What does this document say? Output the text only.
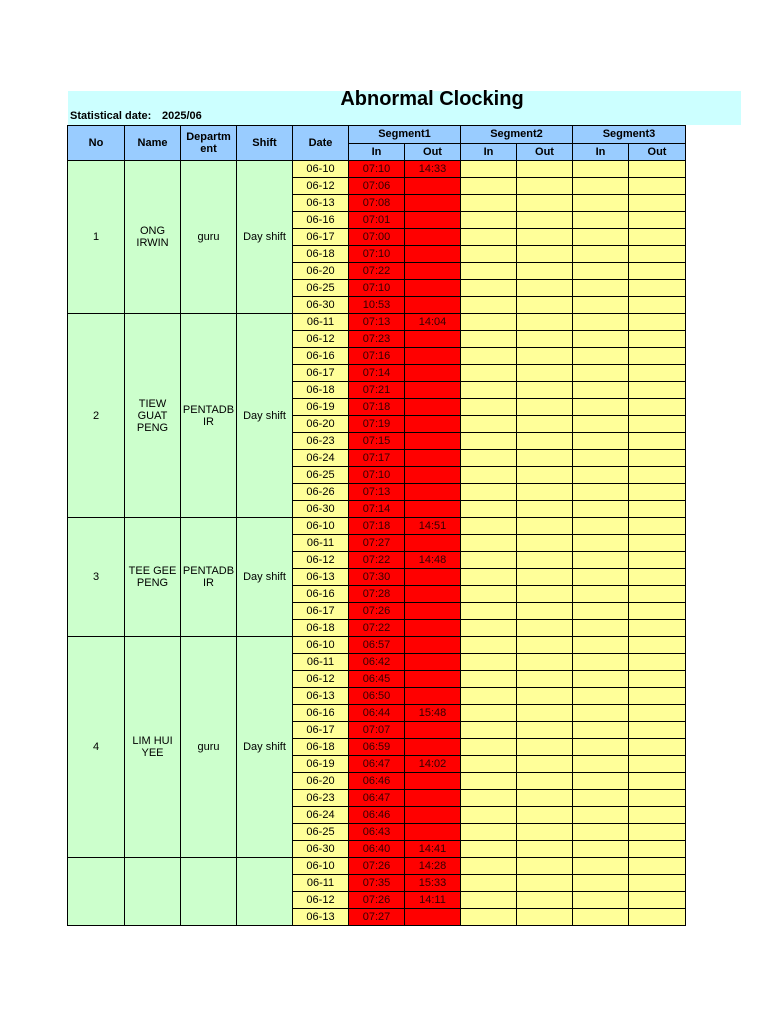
Abnormal Clocking
Statistical date: 2025/06
No	Name	Departm ent	Shift	Date	Segment1		Segment2		Segment3	
					In	Out	In	Out	In	Out
1	ONG IRWIN	guru	Day shift	06-10	07:10	14:33				
				06-12	07:06					
				06-13	07:08					
				06-16	07:01					
				06-17	07:00					
				06-18	07:10					
				06-20	07:22					
				06-25	07:10					
				06-30	10:53					
2	TIEW GUAT PENG	PENTADB IR	Day shift	06-11	07:13	14:04				
				06-12	07:23					
				06-16	07:16					
				06-17	07:14					
				06-18	07:21					
				06-19	07:18					
				06-20	07:19					
				06-23	07:15					
				06-24	07:17					
				06-25	07:10					
				06-26	07:13					
				06-30	07:14					
3	TEE GEE PENG	PENTADB IR	Day shift	06-10	07:18	14:51				
				06-11	07:27					
				06-12	07:22	14:48				
				06-13	07:30					
				06-16	07:28					
				06-17	07:26					
				06-18	07:22					
4	LIM HUI YEE	guru	Day shift	06-10	06:57					
				06-11	06:42					
				06-12	06:45					
				06-13	06:50					
				06-16	06:44	15:48				
				06-17	07:07					
				06-18	06:59					
				06-19	06:47	14:02				
				06-20	06:46					
				06-23	06:47					
				06-24	06:46					
				06-25	06:43					
				06-30	06:40	14:41				
				06-10	07:26	14:28				
				06-11	07:35	15:33				
				06-12	07:26	14:11				
				06-13	07:27					
